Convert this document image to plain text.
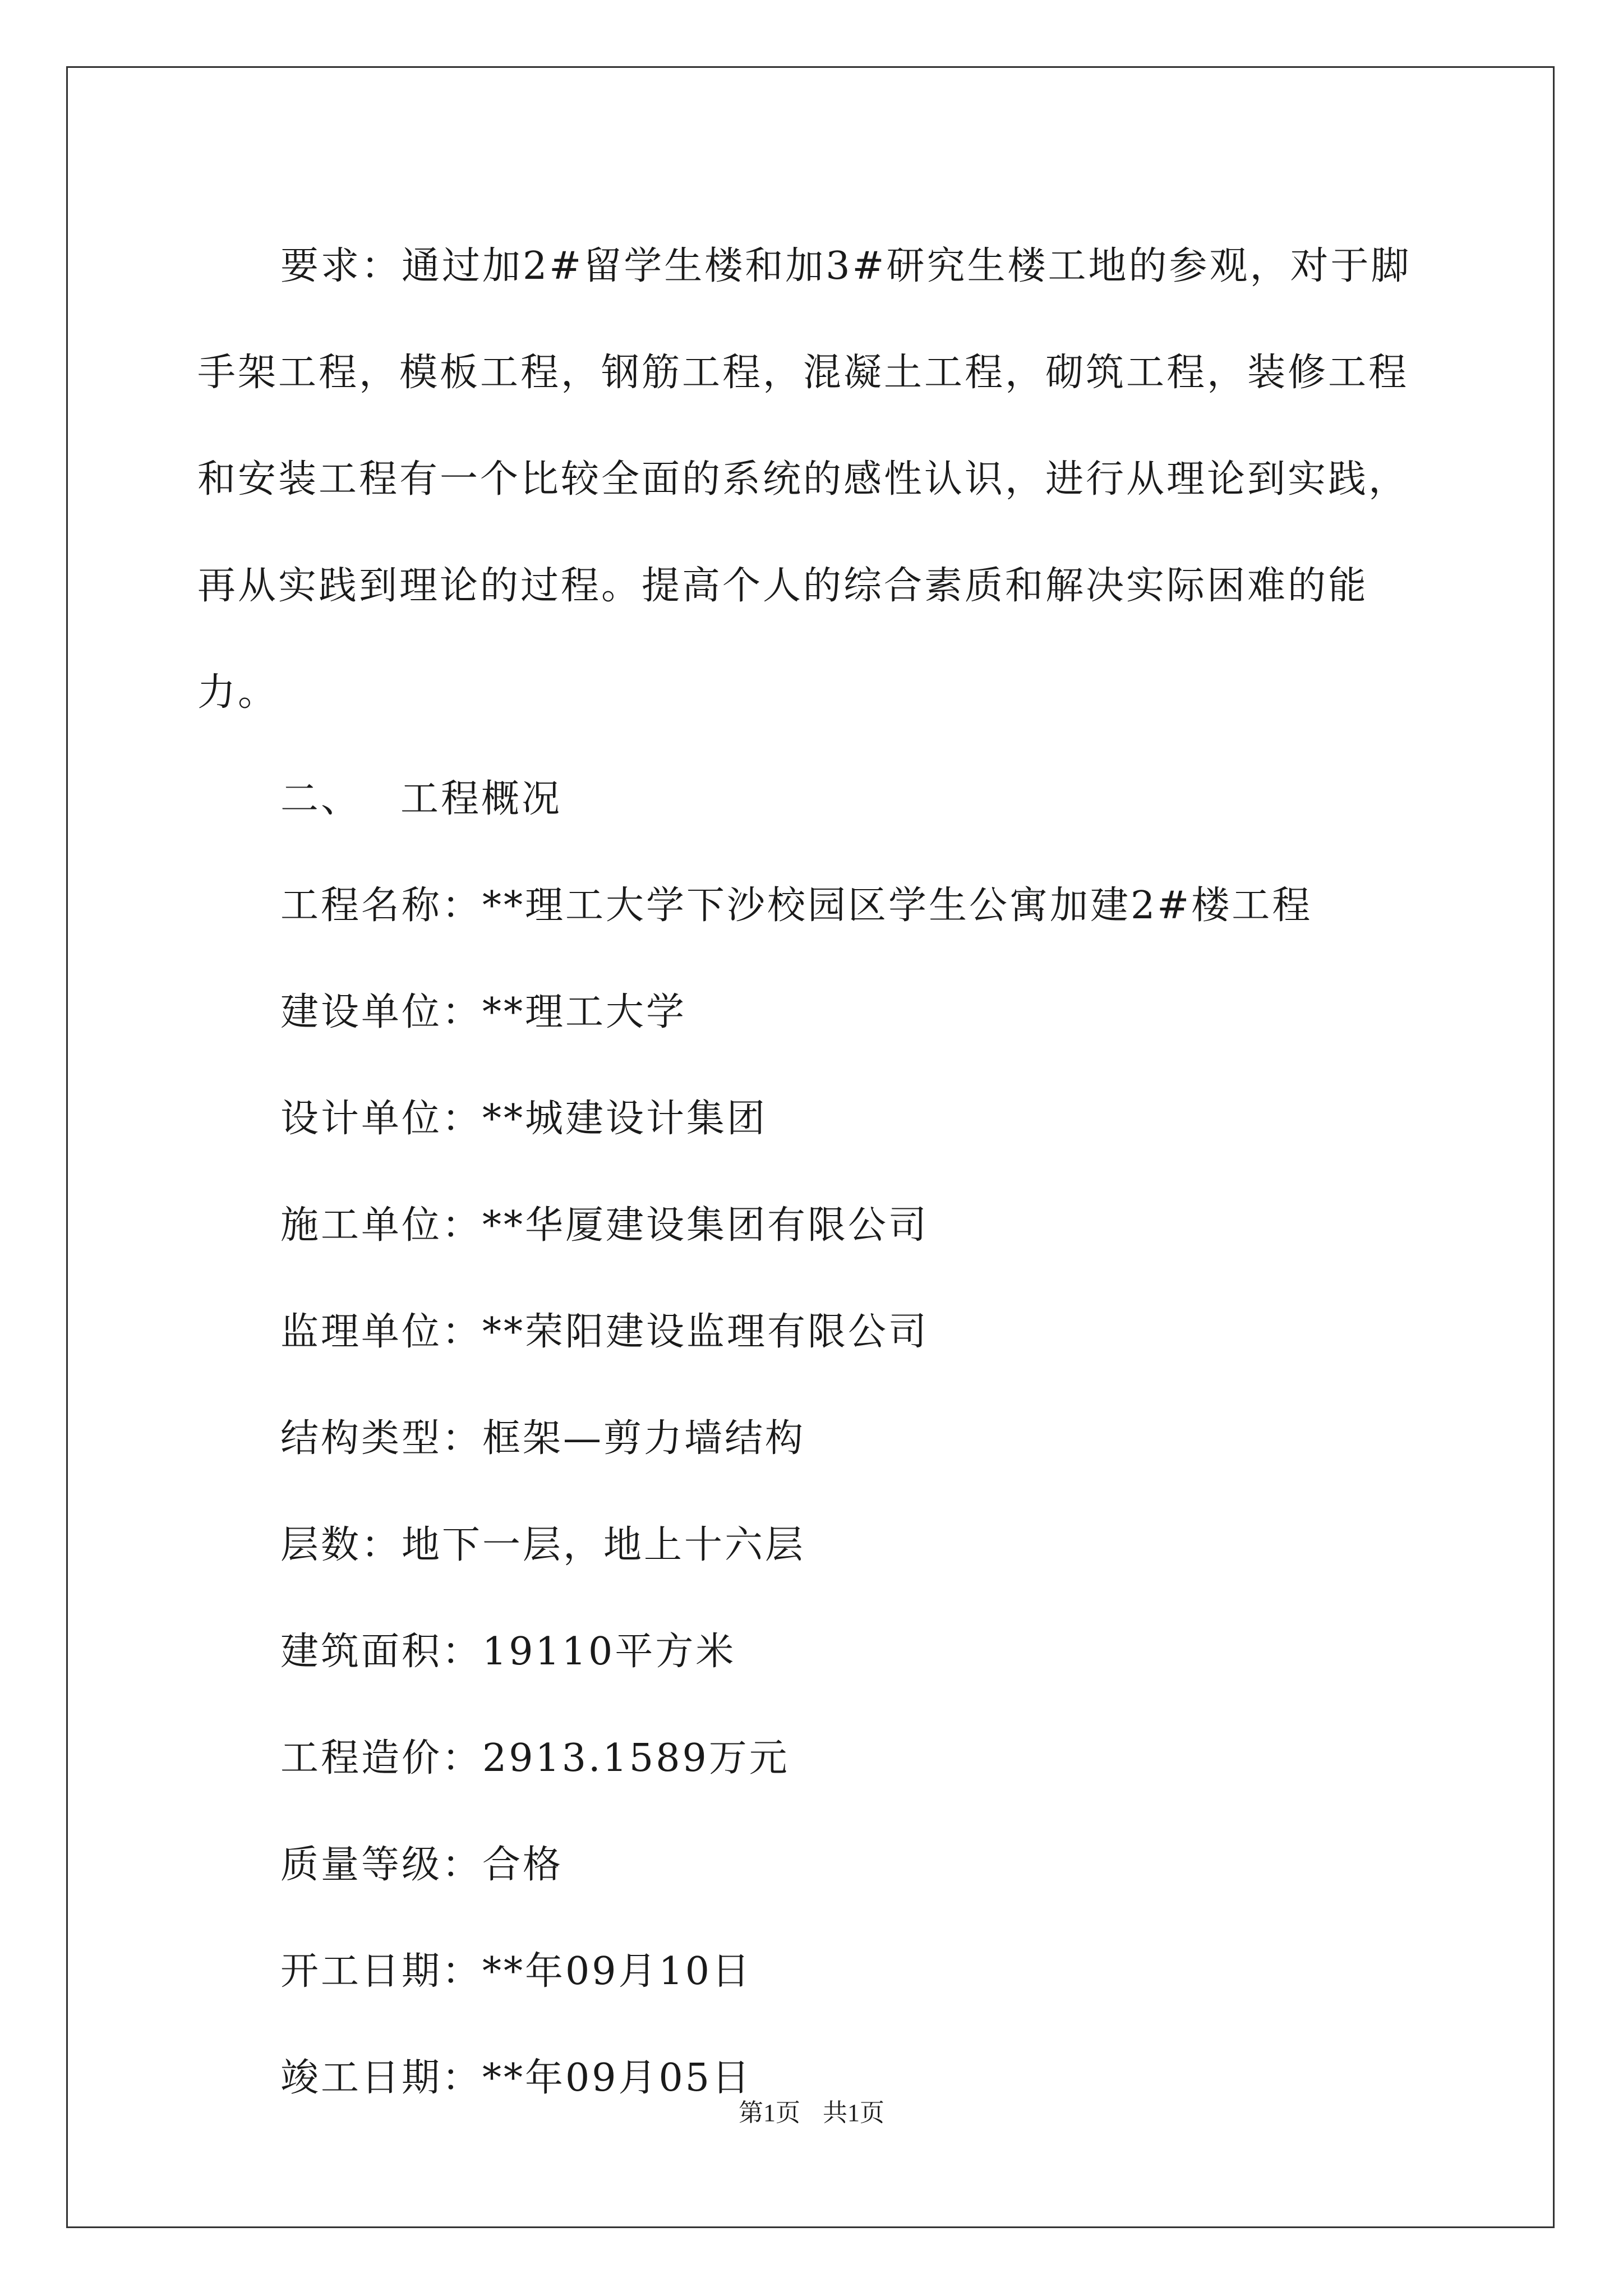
要求：通过加2#留学生楼和加3#研究生楼工地的参观，对于脚手架工程，模板工程，钢筋工程，混凝土工程，砌筑工程，装修工程和安装工程有一个比较全面的系统的感性认识，进行从理论到实践，再从实践到理论的过程。提高个人的综合素质和解决实际困难的能力。

二、 工程概况
工程名称：**理工大学下沙校园区学生公寓加建2#楼工程
建设单位：**理工大学
设计单位：**城建设计集团
施工单位：**华厦建设集团有限公司
监理单位：**荣阳建设监理有限公司
结构类型：框架—剪力墙结构
层数：地下一层，地上十六层
建筑面积：19110平方米
工程造价：2913.1589万元
质量等级：合格
开工日期：**年09月10日
竣工日期：**年09月05日
第1页 共1页
